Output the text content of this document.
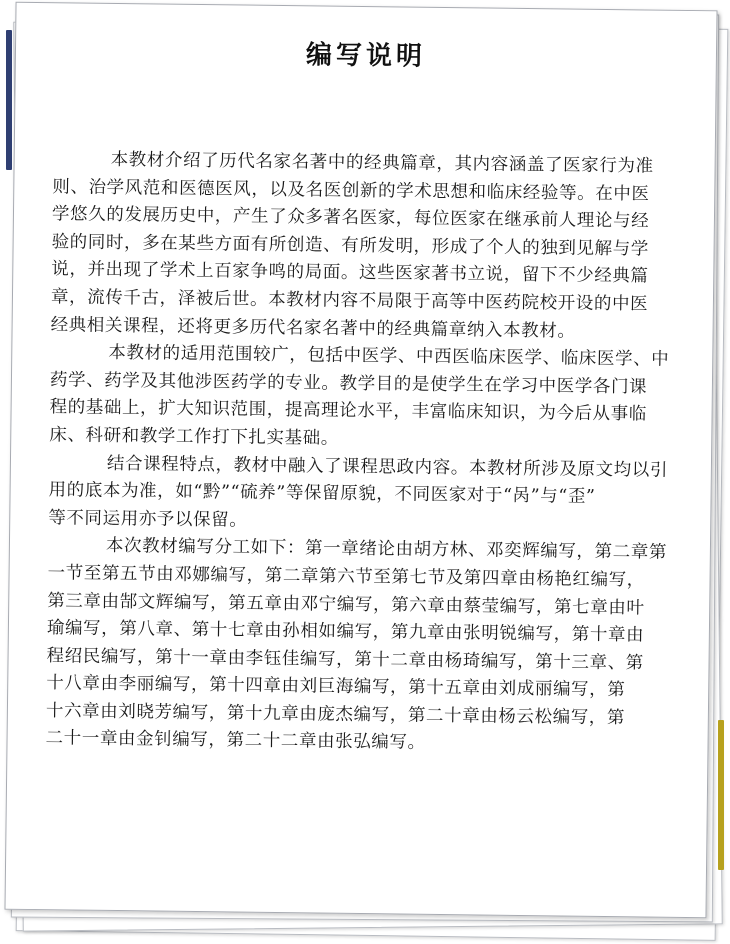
编写说明
本教材介绍了历代名家名著中的经典篇章，其内容涵盖了医家行为准
则、治学风范和医德医风，以及名医创新的学术思想和临床经验等。在中医
学悠久的发展历史中，产生了众多著名医家，每位医家在继承前人理论与经
验的同时，多在某些方面有所创造、有所发明，形成了个人的独到见解与学
说，并出现了学术上百家争鸣的局面。这些医家著书立说，留下不少经典篇
章，流传千古，泽被后世。本教材内容不局限于高等中医药院校开设的中医
经典相关课程，还将更多历代名家名著中的经典篇章纳入本教材。
本教材的适用范围较广，包括中医学、中西医临床医学、临床医学、中
药学、药学及其他涉医药学的专业。教学目的是使学生在学习中医学各门课
程的基础上，扩大知识范围，提高理论水平，丰富临床知识，为今后从事临
床、科研和教学工作打下扎实基础。
结合课程特点，教材中融入了课程思政内容。本教材所涉及原文均以引
用的底本为准，如“黔”“硫养”等保留原貌，不同医家对于“呙”与“歪”
等不同运用亦予以保留。
本次教材编写分工如下：第一章绪论由胡方林、邓奕辉编写，第二章第
一节至第五节由邓娜编写，第二章第六节至第七节及第四章由杨艳红编写，
第三章由郜文辉编写，第五章由邓宁编写，第六章由蔡莹编写，第七章由叶
瑜编写，第八章、第十七章由孙相如编写，第九章由张明锐编写，第十章由
程绍民编写，第十一章由李钰佳编写，第十二章由杨琦编写，第十三章、第
十八章由李丽编写，第十四章由刘巨海编写，第十五章由刘成丽编写，第
十六章由刘晓芳编写，第十九章由庞杰编写，第二十章由杨云松编写，第
二十一章由金钊编写，第二十二章由张弘编写。
